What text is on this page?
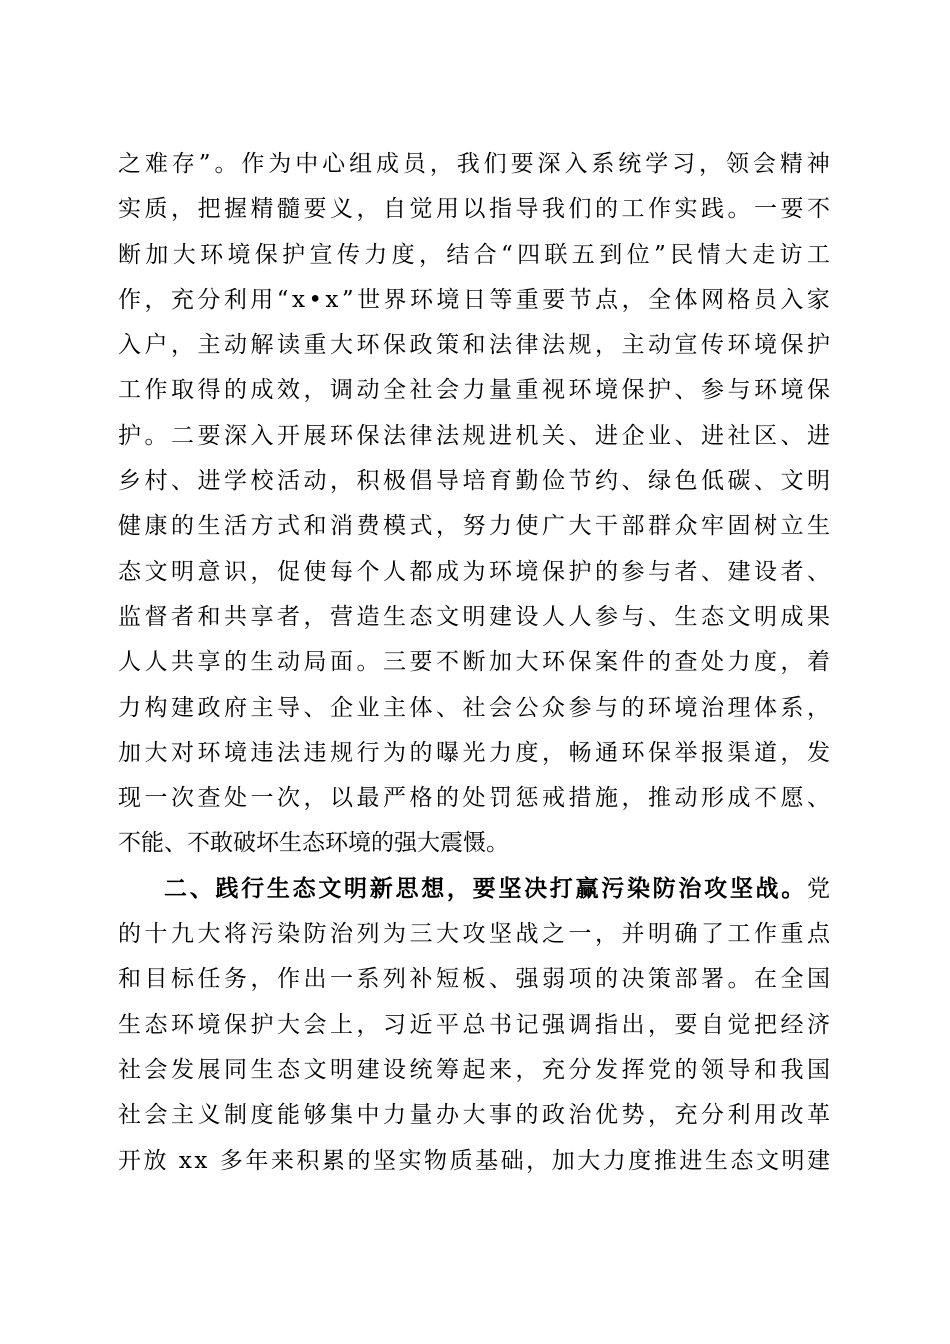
之 难 存 ” 。 作 为 中 心 组 成 员 ， 我 们 要 深 入 系 统 学 习 ， 领 会 精 神
实 质 ， 把 握 精 髓 要 义 ， 自 觉 用 以 指 导 我 们 的 工 作 实 践 。 一 要 不
断 加 大 环 境 保 护 宣 传 力 度 ， 结 合 “ 四 联 五 到 位 ” 民 情 大 走 访 工
作 ， 充 分 利 用 “ x • x ” 世 界 环 境 日 等 重 要 节 点 ， 全 体 网 格 员 入 家
入 户 ， 主 动 解 读 重 大 环 保 政 策 和 法 律 法 规 ， 主 动 宣 传 环 境 保 护
工 作 取 得 的 成 效 ， 调 动 全 社 会 力 量 重 视 环 境 保 护 、 参 与 环 境 保
护 。 二 要 深 入 开 展 环 保 法 律 法 规 进 机 关 、 进 企 业 、 进 社 区 、 进
乡 村 、 进 学 校 活 动 ， 积 极 倡 导 培 育 勤 俭 节 约 、 绿 色 低 碳 、 文 明
健 康 的 生 活 方 式 和 消 费 模 式 ， 努 力 使 广 大 干 部 群 众 牢 固 树 立 生
态 文 明 意 识 ， 促 使 每 个 人 都 成 为 环 境 保 护 的 参 与 者 、 建 设 者 、
监 督 者 和 共 享 者 ， 营 造 生 态 文 明 建 设 人 人 参 与 、 生 态 文 明 成 果
人 人 共 享 的 生 动 局 面 。 三 要 不 断 加 大 环 保 案 件 的 查 处 力 度 ， 着
力 构 建 政 府 主 导 、 企 业 主 体 、 社 会 公 众 参 与 的 环 境 治 理 体 系 ，
加 大 对 环 境 违 法 违 规 行 为 的 曝 光 力 度 ， 畅 通 环 保 举 报 渠 道 ， 发
现 一 次 查 处 一 次 ， 以 最 严 格 的 处 罚 惩 戒 措 施 ， 推 动 形 成 不 愿 、
不能、不敢破坏生态环境的强大震慑。
二 、 践 行 生 态 文 明 新 思 想 ， 要 坚 决 打 赢 污 染 防 治 攻 坚 战 。 党
的 十 九 大 将 污 染 防 治 列 为 三 大 攻 坚 战 之 一 ， 并 明 确 了 工 作 重 点
和 目 标 任 务 ， 作 出 一 系 列 补 短 板 、 强 弱 项 的 决 策 部 署 。 在 全 国
生 态 环 境 保 护 大 会 上 ， 习 近 平 总 书 记 强 调 指 出 ， 要 自 觉 把 经 济
社 会 发 展 同 生 态 文 明 建 设 统 筹 起 来 ， 充 分 发 挥 党 的 领 导 和 我 国
社 会 主 义 制 度 能 够 集 中 力 量 办 大 事 的 政 治 优 势 ， 充 分 利 用 改 革
开 放
x x
多 年 来 积 累 的 坚 实 物 质 基 础 ， 加 大 力 度 推 进 生 态 文 明 建
